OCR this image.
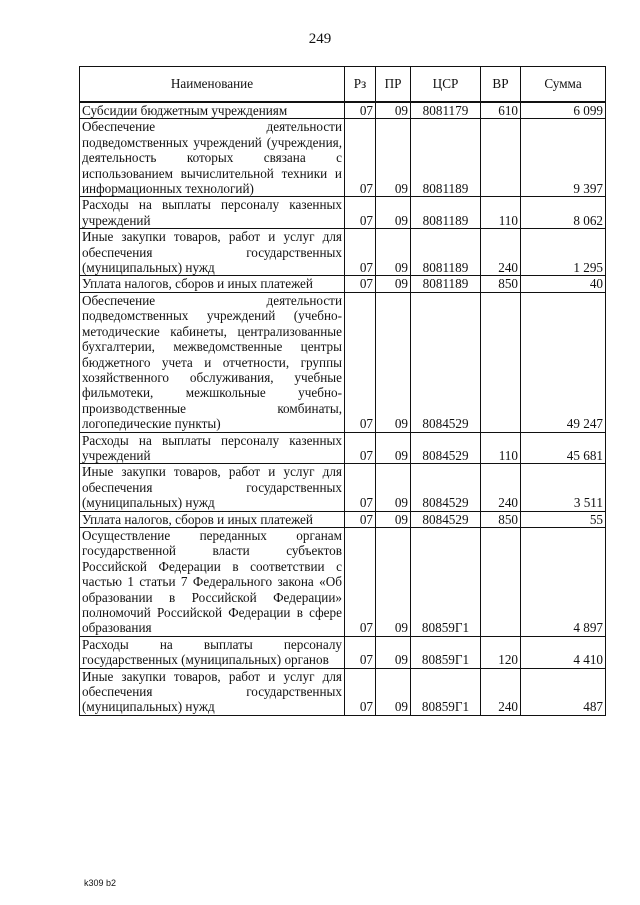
249
Наименование	Рз	ПР	ЦСР	ВР	Сумма
Субсидии бюджетным учреждениям	07	09	8081179	610	6 099
Обеспечение деятельности подведомственных учреждений (учреждения, деятельность которых связана с использованием вычислительной техники и информационных технологий)	07	09	8081189		9 397
Расходы на выплаты персоналу казенных учреждений	07	09	8081189	110	8 062
Иные закупки товаров, работ и услуг для обеспечения государственных (муниципальных) нужд	07	09	8081189	240	1 295
Уплата налогов, сборов и иных платежей	07	09	8081189	850	40
Обеспечение деятельности подведомственных учреждений (учебно-методические кабинеты, централизованные бухгалтерии, межведомственные центры бюджетного учета и отчетности, группы хозяйственного обслуживания, учебные фильмотеки, межшкольные учебно-производственные комбинаты, логопедические пункты)	07	09	8084529		49 247
Расходы на выплаты персоналу казенных учреждений	07	09	8084529	110	45 681
Иные закупки товаров, работ и услуг для обеспечения государственных (муниципальных) нужд	07	09	8084529	240	3 511
Уплата налогов, сборов и иных платежей	07	09	8084529	850	55
Осуществление переданных органам государственной власти субъектов Российской Федерации в соответствии с частью 1 статьи 7 Федерального закона «Об образовании в Российской Федерации» полномочий Российской Федерации в сфере образования	07	09	80859Г1		4 897
Расходы на выплаты персоналу государственных (муниципальных) органов	07	09	80859Г1	120	4 410
Иные закупки товаров, работ и услуг для обеспечения государственных (муниципальных) нужд	07	09	80859Г1	240	487
k309 b2
